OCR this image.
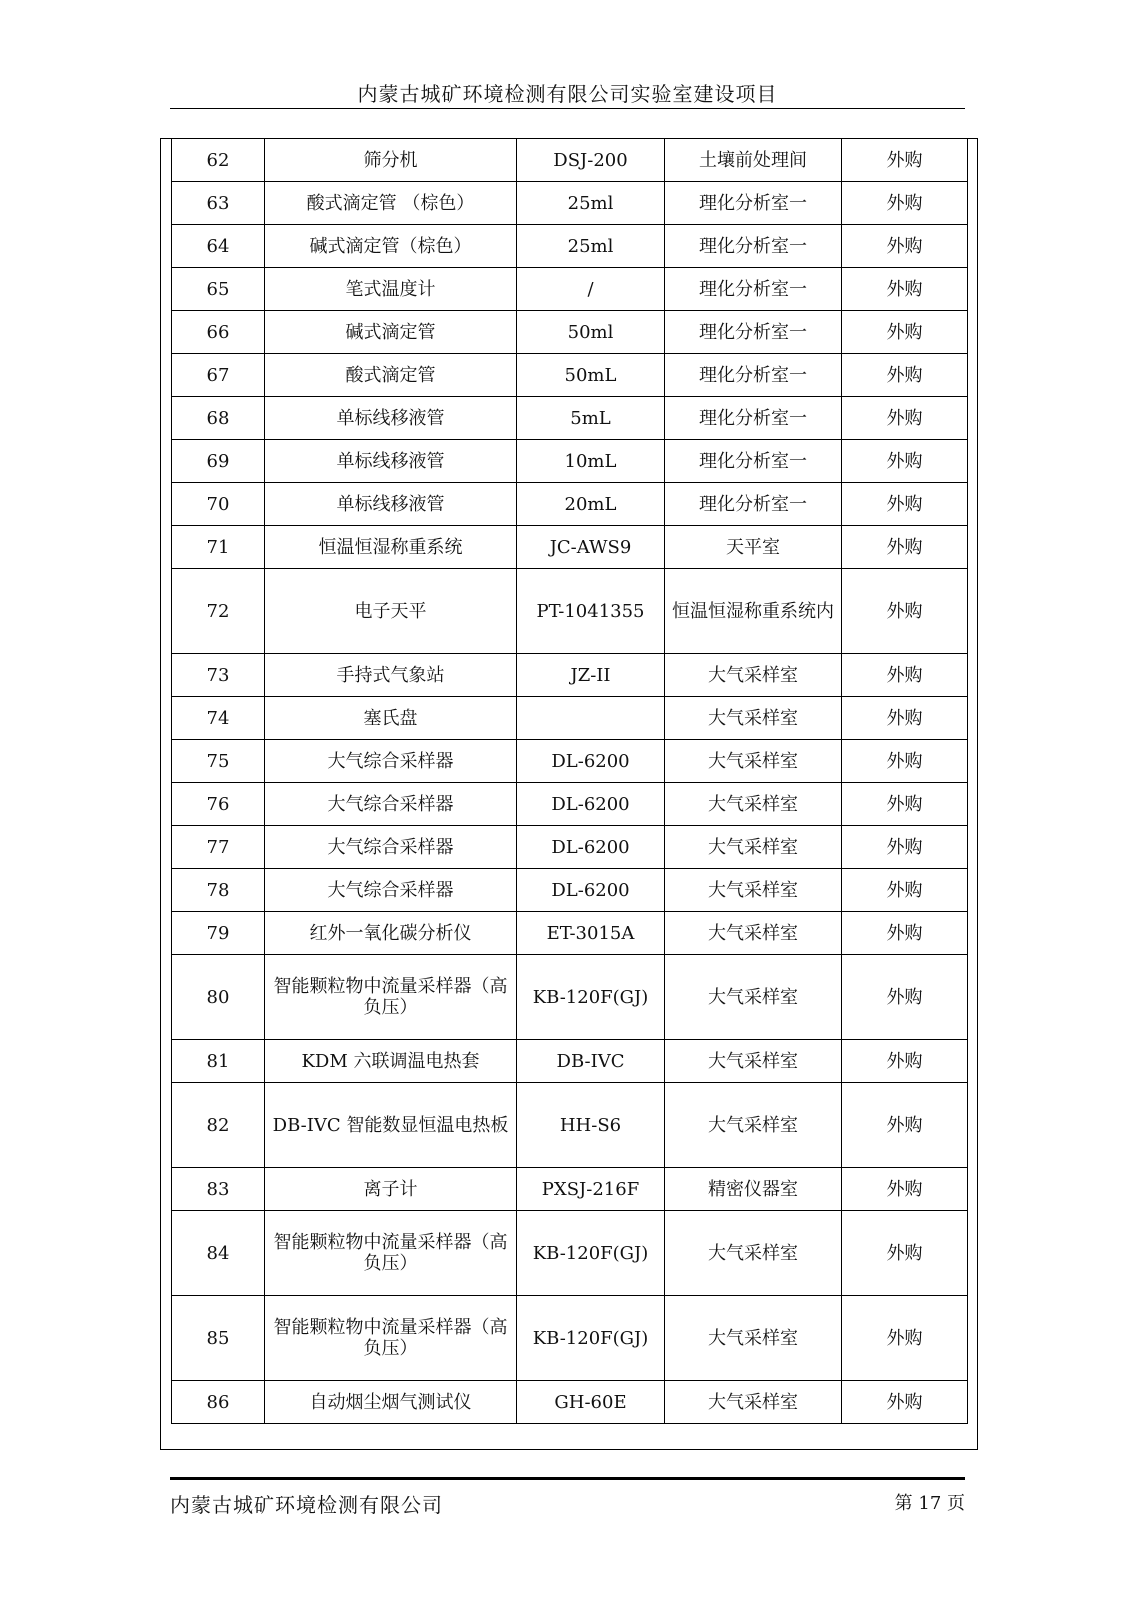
内蒙古城矿环境检测有限公司实验室建设项目
62	筛分机	DSJ-200	土壤前处理间	外购
63	酸式滴定管 （棕色）	25ml	理化分析室一	外购
64	碱式滴定管（棕色）	25ml	理化分析室一	外购
65	笔式温度计	/	理化分析室一	外购
66	碱式滴定管	50ml	理化分析室一	外购
67	酸式滴定管	50mL	理化分析室一	外购
68	单标线移液管	5mL	理化分析室一	外购
69	单标线移液管	10mL	理化分析室一	外购
70	单标线移液管	20mL	理化分析室一	外购
71	恒温恒湿称重系统	JC-AWS9	天平室	外购
72	电子天平	PT-1041355	恒温恒湿称重系统内	外购
73	手持式气象站	JZ-II	大气采样室	外购
74	塞氏盘		大气采样室	外购
75	大气综合采样器	DL-6200	大气采样室	外购
76	大气综合采样器	DL-6200	大气采样室	外购
77	大气综合采样器	DL-6200	大气采样室	外购
78	大气综合采样器	DL-6200	大气采样室	外购
79	红外一氧化碳分析仪	ET-3015A	大气采样室	外购
80	智能颗粒物中流量采样器（高负压）	KB-120F(GJ)	大气采样室	外购
81	KDM 六联调温电热套	DB-IVC	大气采样室	外购
82	DB-IVC 智能数显恒温电热板	HH-S6	大气采样室	外购
83	离子计	PXSJ-216F	精密仪器室	外购
84	智能颗粒物中流量采样器（高负压）	KB-120F(GJ)	大气采样室	外购
85	智能颗粒物中流量采样器（高负压）	KB-120F(GJ)	大气采样室	外购
86	自动烟尘烟气测试仪	GH-60E	大气采样室	外购
内蒙古城矿环境检测有限公司	第 17 页
